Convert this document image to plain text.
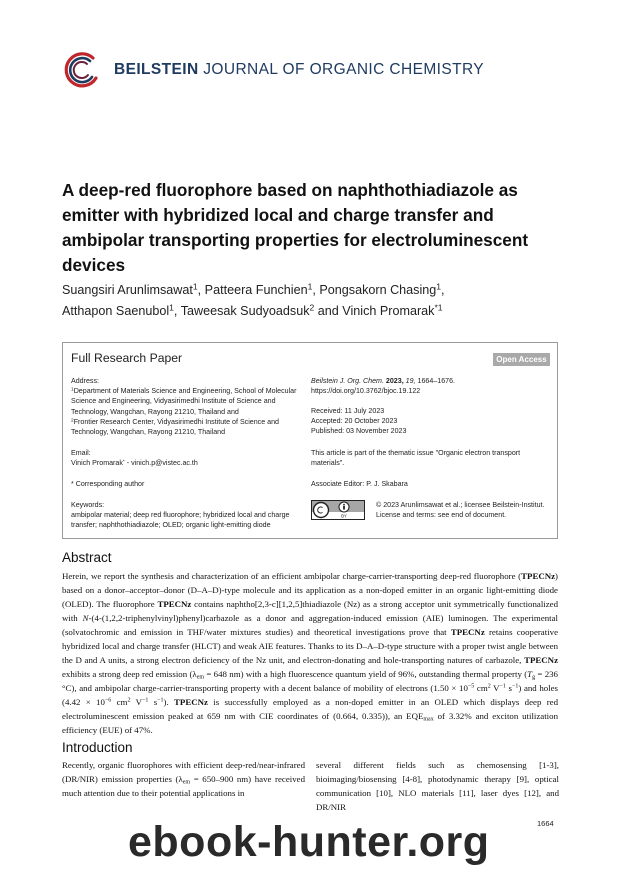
BEILSTEIN JOURNAL OF ORGANIC CHEMISTRY
A deep-red fluorophore based on naphthothiadiazole as emitter with hybridized local and charge transfer and ambipolar transporting properties for electroluminescent devices
Suangsiri Arunlimsawat$^1$, Patteera Funchien$^1$, Pongsakorn Chasing$^1$,
Atthapon Saenubol$^1$, Taweesak Sudyoadsuk$^2$ and Vinich Promarak$^{*1}$
Full Research Paper	Open Access
Address:
$^1$Department of Materials Science and Engineering, School of Molecular Science and Engineering, Vidyasirimedhi Institute of Science and Technology, Wangchan, Rayong 21210, Thailand and
$^2$Frontier Research Center, Vidyasirimedhi Institute of Science and Technology, Wangchan, Rayong 21210, Thailand
Email:
Vinich Promarak* - vinich.p@vistec.ac.th
* Corresponding author
Keywords:
ambipolar material; deep red fluorophore; hybridized local and charge transfer; naphthothiadiazole; OLED; organic light-emitting diode
Beilstein J. Org. Chem. 2023, 19, 1664–1676.
https://doi.org/10.3762/bjoc.19.122
Received: 11 July 2023
Accepted: 20 October 2023
Published: 03 November 2023
This article is part of the thematic issue "Organic electron transport materials".
Associate Editor: P. J. Skabara
BY
© 2023 Arunlimsawat et al.; licensee Beilstein-Institut.
License and terms: see end of document.
Abstract
Herein, we report the synthesis and characterization of an efficient ambipolar charge-carrier-transporting deep-red fluorophore (TPECNz) based on a donor–acceptor–donor (D–A–D)-type molecule and its application as a non-doped emitter in an organic light-emitting diode (OLED). The fluorophore TPECNz contains naphtho[2,3-c][1,2,5]thiadiazole (Nz) as a strong acceptor unit symmetrically functionalized with N-(4-(1,2,2-triphenylvinyl)phenyl)carbazole as a donor and aggregation-induced emission (AIE) luminogen. The experimental (solvatochromic and emission in THF/water mixtures studies) and theoretical investigations prove that TPECNz retains cooperative hybridized local and charge transfer (HLCT) and weak AIE features. Thanks to its D–A–D-type structure with a proper twist angle between the D and A units, a strong electron deficiency of the Nz unit, and electron-donating and hole-transporting natures of carbazole, TPECNz exhibits a strong deep red emission ($\lambda_{em} = 648$ nm) with a high fluorescence quantum yield of 96%, outstanding thermal property ($T_g = 236$ °C), and ambipolar charge-carrier-transporting property with a decent balance of mobility of electrons ($1.50 \times 10^{-5}$ $cm^2$ $V^{-1}$ $s^{-1}$) and holes ($4.42 \times 10^{-6}$ $cm^2$ $V^{-1}$ $s^{-1}$). TPECNz is successfully employed as a non-doped emitter in an OLED which displays deep red electroluminescent emission peaked at 659 nm with CIE coordinates of (0.664, 0.335)), an $EQE_{max}$ of 3.32% and exciton utilization efficiency (EUE) of 47%.
Introduction
Recently, organic fluorophores with efficient deep-red/near-infrared (DR/NIR) emission properties ($\lambda_{em} = 650-900$ nm) have received much attention due to their potential applications in
several different fields such as chemosensing [1-3], bioimaging/biosensing [4-8], photodynamic therapy [9], optical communication [10], NLO materials [11], laser dyes [12], and DR/NIR
1664
ebook-hunter.org
